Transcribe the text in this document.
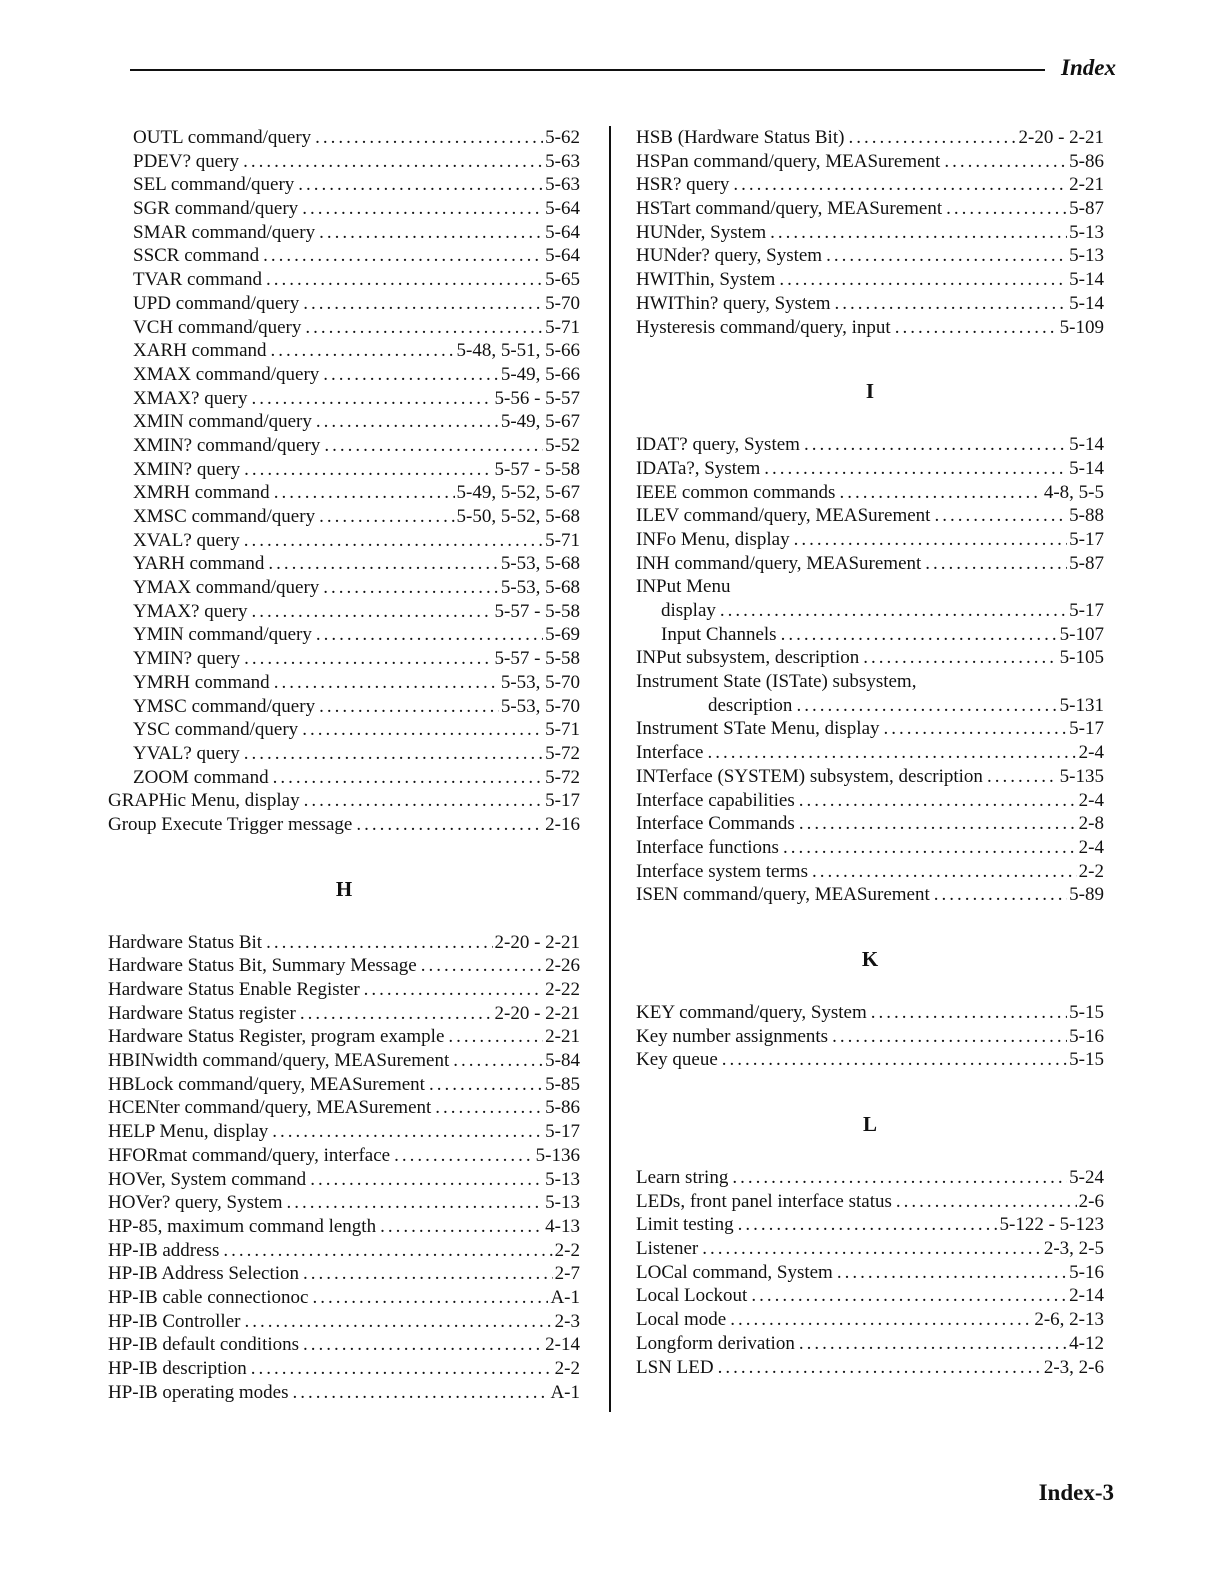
Index
OUTL command/query .....	5-62
PDEV? query .....	5-63
SEL command/query .....	5-63
SGR command/query .....	5-64
SMAR command/query .....	5-64
SSCR command .....	5-64
TVAR command .....	5-65
UPD command/query .....	5-70
VCH command/query .....	5-71
XARH command .....	5-48, 5-51, 5-66
XMAX command/query .....	5-49, 5-66
XMAX? query .....	5-56 - 5-57
XMIN command/query .....	5-49, 5-67
XMIN? command/query .....	5-52
XMIN? query .....	5-57 - 5-58
XMRH command .....	5-49, 5-52, 5-67
XMSC command/query .....	5-50, 5-52, 5-68
XVAL? query .....	5-71
YARH command .....	5-53, 5-68
YMAX command/query .....	5-53, 5-68
YMAX? query .....	5-57 - 5-58
YMIN command/query .....	5-69
YMIN? query .....	5-57 - 5-58
YMRH command .....	5-53, 5-70
YMSC command/query .....	5-53, 5-70
YSC command/query .....	5-71
YVAL? query .....	5-72
ZOOM command .....	5-72
GRAPHic Menu, display .....	5-17
Group Execute Trigger message .....	2-16
H
Hardware Status Bit .....	2-20 - 2-21
Hardware Status Bit, Summary Message .....	2-26
Hardware Status Enable Register .....	2-22
Hardware Status register .....	2-20 - 2-21
Hardware Status Register, program example .....	2-21
HBINwidth command/query, MEASurement .....	5-84
HBLock command/query, MEASurement .....	5-85
HCENter command/query, MEASurement .....	5-86
HELP Menu, display .....	5-17
HFORmat command/query, interface .....	5-136
HOVer, System command .....	5-13
HOVer? query, System .....	5-13
HP-85, maximum command length .....	4-13
HP-IB address .....	2-2
HP-IB Address Selection .....	2-7
HP-IB cable connectionoc .....	A-1
HP-IB Controller .....	2-3
HP-IB default conditions .....	2-14
HP-IB description .....	2-2
HP-IB operating modes .....	A-1
HSB (Hardware Status Bit) .....	2-20 - 2-21
HSPan command/query, MEASurement .....	5-86
HSR? query .....	2-21
HSTart command/query, MEASurement .....	5-87
HUNder, System .....	5-13
HUNder? query, System .....	5-13
HWIThin, System .....	5-14
HWIThin? query, System .....	5-14
Hysteresis command/query, input .....	5-109
I
IDAT? query, System .....	5-14
IDATa?, System .....	5-14
IEEE common commands .....	4-8, 5-5
ILEV command/query, MEASurement .....	5-88
INFo Menu, display .....	5-17
INH command/query, MEASurement .....	5-87
INPut Menu
display .....	5-17
Input Channels .....	5-107
INPut subsystem, description .....	5-105
Instrument State (ISTate) subsystem,
description .....	5-131
Instrument STate Menu, display .....	5-17
Interface .....	2-4
INTerface (SYSTEM) subsystem, description .....	5-135
Interface capabilities .....	2-4
Interface Commands .....	2-8
Interface functions .....	2-4
Interface system terms .....	2-2
ISEN command/query, MEASurement .....	5-89
K
KEY command/query, System .....	5-15
Key number assignments .....	5-16
Key queue .....	5-15
L
Learn string .....	5-24
LEDs, front panel interface status .....	2-6
Limit testing .....	5-122 - 5-123
Listener .....	2-3, 2-5
LOCal command, System .....	5-16
Local Lockout .....	2-14
Local mode .....	2-6, 2-13
Longform derivation .....	4-12
LSN LED .....	2-3, 2-6
Index-3
